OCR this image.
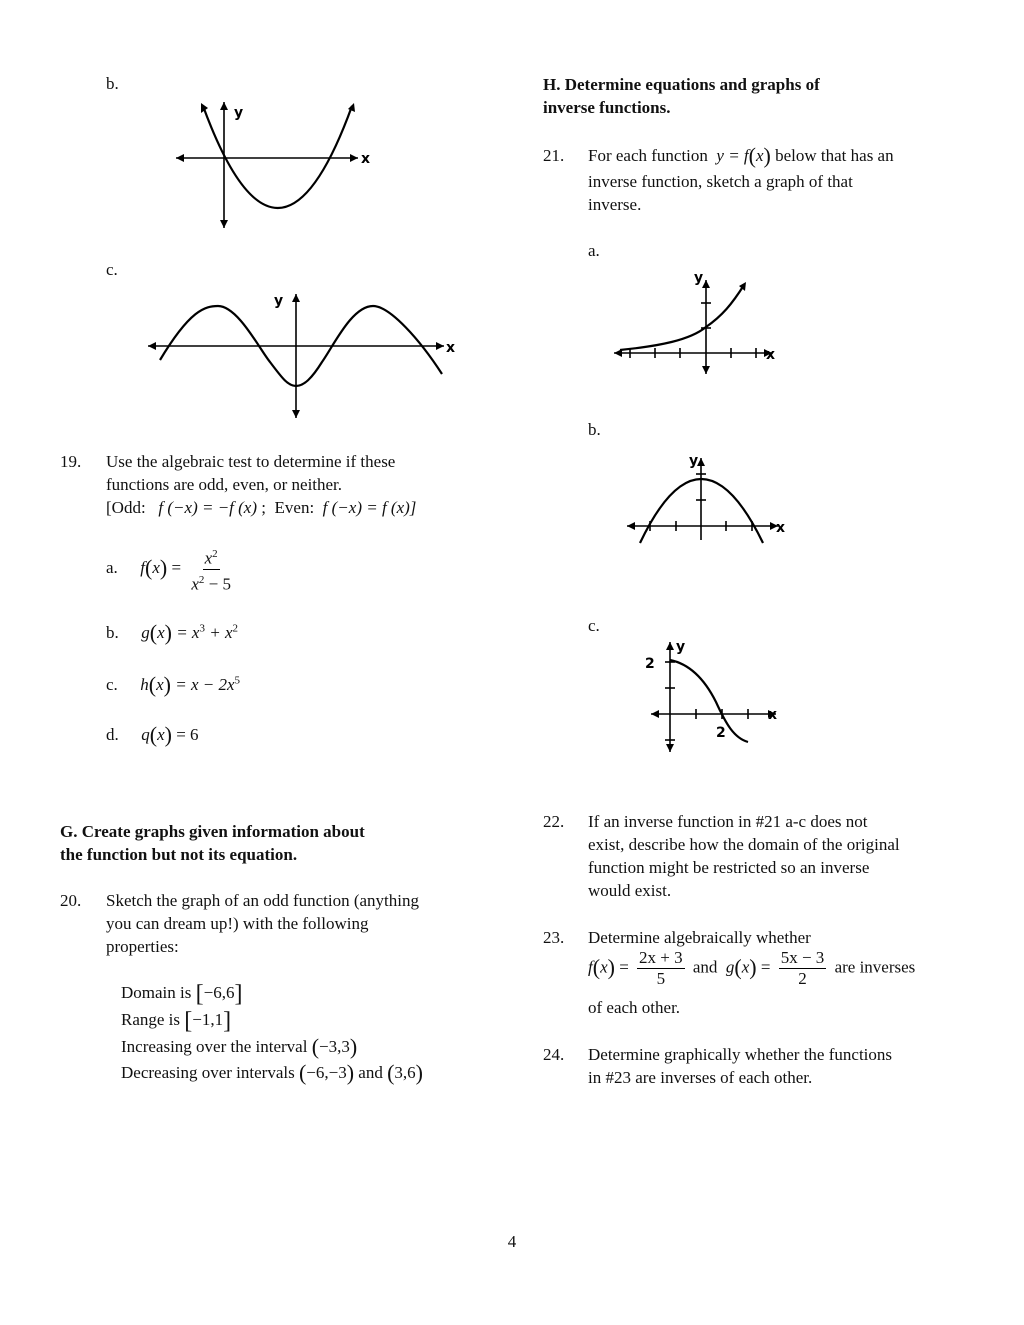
b.
y
x
c.
y
x
19.	Use the algebraic test to determine if these
functions are odd, even, or neither.
[Odd: f (−x) = −f (x) ; Even: f (−x) = f (x)]
a. $f(x) = \frac{x^2}{x^2 - 5}$
b. $g(x) = x^3 + x^2$
c. $h(x) = x - 2x^5$
d. q(x) = 6
G. Create graphs given information about
the function but not its equation.
20.	Sketch the graph of an odd function (anything
you can dream up!) with the following
properties:
Domain is [−6,6]
Range is [−1,1]
Increasing over the interval (−3,3)
Decreasing over intervals (−6,−3) and (3,6)
H. Determine equations and graphs of
inverse functions.
21.	For each function y = f(x) below that has an
inverse function, sketch a graph of that
inverse.
a.
y
x
b.
y
x
c.
y
x
2
2
22.	If an inverse function in #21 a-c does not
exist, describe how the domain of the original
function might be restricted so an inverse
would exist.
23.	Determine algebraically whether
$f(x) = \frac{2x + 3}{5}$ and $g(x) = \frac{5x - 3}{2}$ are inverses
of each other.
24.	Determine graphically whether the functions
in #23 are inverses of each other.
4
